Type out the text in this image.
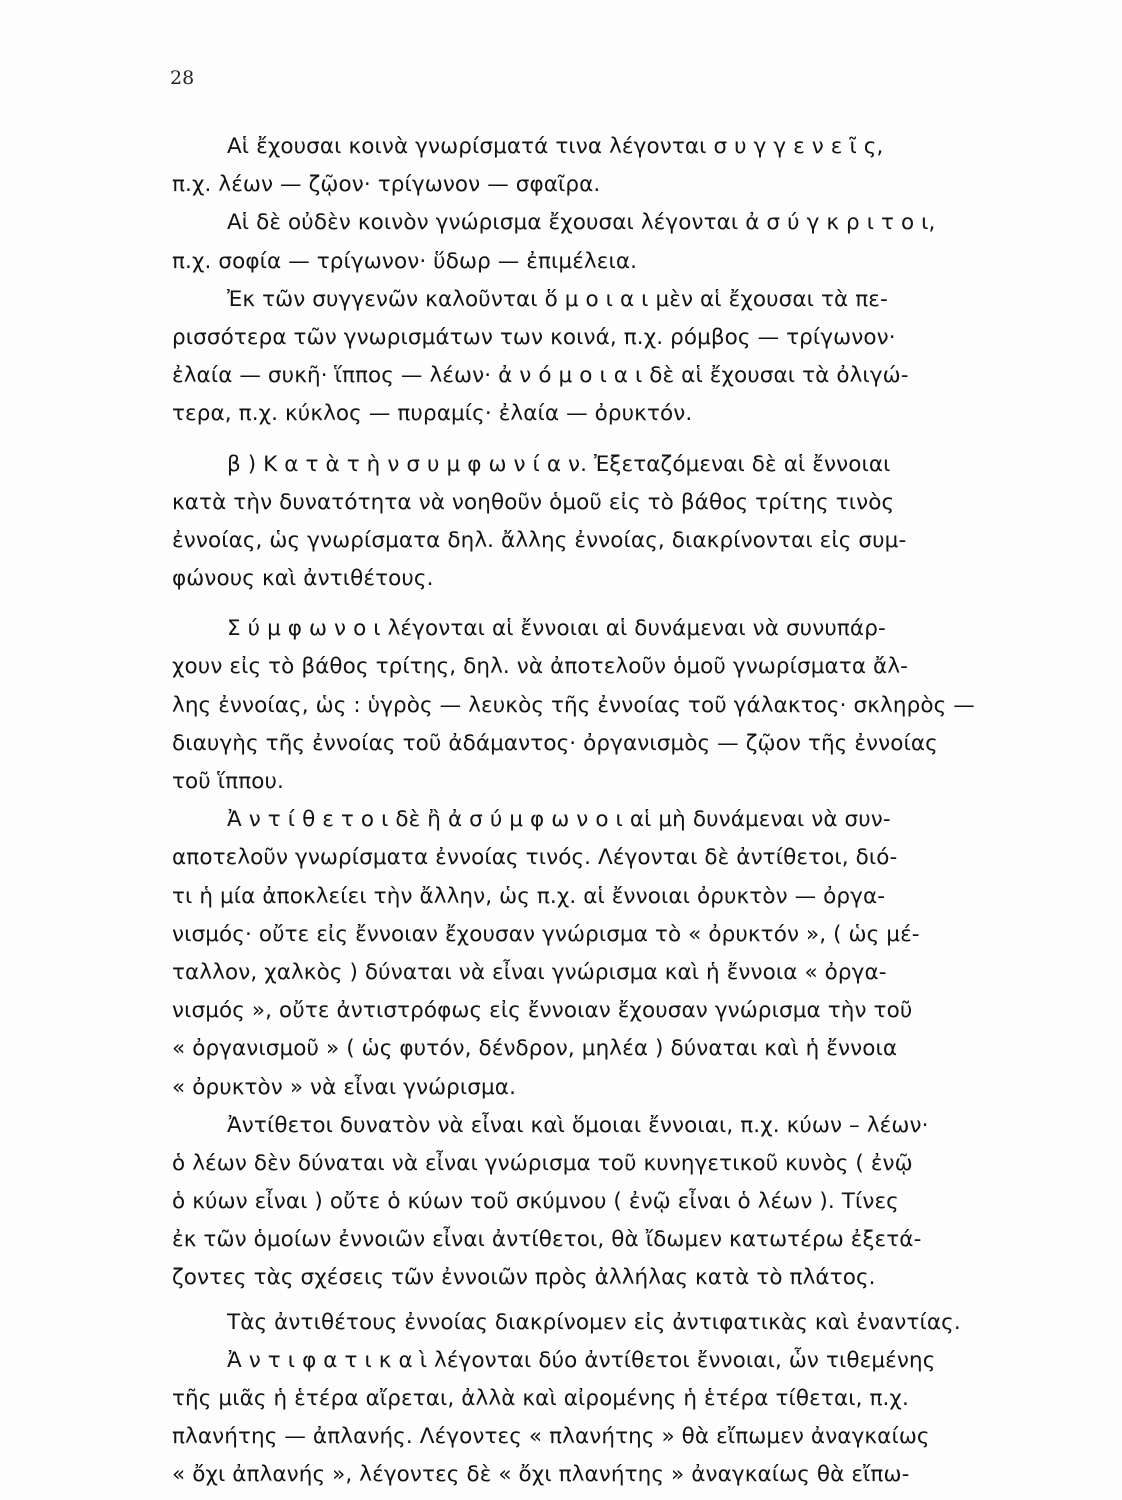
28
Αἱ ἔχουσαι κοινὰ γνωρίσματά τινα λέγονται σ υ γ γ ε ν ε ῖ ς,
π.χ. λέων — ζῷον· τρίγωνον — σφαῖρα.
Αἱ δὲ οὐδὲν κοινὸν γνώρισμα ἔχουσαι λέγονται ἀ σ ύ γ κ ρ ι τ ο ι,
π.χ. σοφία — τρίγωνον· ὕδωρ — ἐπιμέλεια.
Ἐκ τῶν συγγενῶν καλοῦνται ὅ μ ο ι α ι μὲν αἱ ἔχουσαι τὰ πε-
ρισσότερα τῶν γνωρισμάτων των κοινά, π.χ. ρόμβος — τρίγωνον·
ἐλαία — συκῆ· ἵππος — λέων· ἀ ν ό μ ο ι α ι δὲ αἱ ἔχουσαι τὰ ὀλιγώ-
τερα, π.χ. κύκλος — πυραμίς· ἐλαία — ὀρυκτόν.
β ) Κ α τ ὰ τ ὴ ν σ υ μ φ ω ν ί α ν. Ἐξεταζόμεναι δὲ αἱ ἔννοιαι
κατὰ τὴν δυνατότητα νὰ νοηθοῦν ὁμοῦ εἰς τὸ βάθος τρίτης τινὸς
ἐννοίας, ὡς γνωρίσματα δηλ. ἄλλης ἐννοίας, διακρίνονται εἰς συμ-
φώνους καὶ ἀντιθέτους.
Σ ύ μ φ ω ν ο ι λέγονται αἱ ἔννοιαι αἱ δυνάμεναι νὰ συνυπάρ-
χουν εἰς τὸ βάθος τρίτης, δηλ. νὰ ἀποτελοῦν ὁμοῦ γνωρίσματα ἄλ-
λης ἐννοίας, ὡς : ὑγρὸς — λευκὸς τῆς ἐννοίας τοῦ γάλακτος· σκληρὸς —
διαυγὴς τῆς ἐννοίας τοῦ ἀδάμαντος· ὀργανισμὸς — ζῷον τῆς ἐννοίας
τοῦ ἵππου.
Ἀ ν τ ί θ ε τ ο ι δὲ ἢ ἀ σ ύ μ φ ω ν ο ι αἱ μὴ δυνάμεναι νὰ συν-
αποτελοῦν γνωρίσματα ἐννοίας τινός. Λέγονται δὲ ἀντίθετοι, διό-
τι ἡ μία ἀποκλείει τὴν ἄλλην, ὡς π.χ. αἱ ἔννοιαι ὀρυκτὸν — ὀργα-
νισμός· οὔτε εἰς ἔννοιαν ἔχουσαν γνώρισμα τὸ « ὀρυκτόν », ( ὡς μέ-
ταλλον, χαλκὸς ) δύναται νὰ εἶναι γνώρισμα καὶ ἡ ἔννοια « ὀργα-
νισμός », οὔτε ἀντιστρόφως εἰς ἔννοιαν ἔχουσαν γνώρισμα τὴν τοῦ
« ὀργανισμοῦ » ( ὡς φυτόν, δένδρον, μηλέα ) δύναται καὶ ἡ ἔννοια
« ὀρυκτὸν » νὰ εἶναι γνώρισμα.
Ἀντίθετοι δυνατὸν νὰ εἶναι καὶ ὅμοιαι ἔννοιαι, π.χ. κύων – λέων·
ὁ λέων δὲν δύναται νὰ εἶναι γνώρισμα τοῦ κυνηγετικοῦ κυνὸς ( ἐνῷ
ὁ κύων εἶναι ) οὔτε ὁ κύων τοῦ σκύμνου ( ἐνῷ εἶναι ὁ λέων ). Τίνες
ἐκ τῶν ὁμοίων ἐννοιῶν εἶναι ἀντίθετοι, θὰ ἴδωμεν κατωτέρω ἐξετά-
ζοντες τὰς σχέσεις τῶν ἐννοιῶν πρὸς ἀλλήλας κατὰ τὸ πλάτος.
Τὰς ἀντιθέτους ἐννοίας διακρίνομεν εἰς ἀντιφατικὰς καὶ ἐναντίας.
Ἀ ν τ ι φ α τ ι κ α ὶ λέγονται δύο ἀντίθετοι ἔννοιαι, ὧν τιθεμένης
τῆς μιᾶς ἡ ἑτέρα αἴρεται, ἀλλὰ καὶ αἰρομένης ἡ ἑτέρα τίθεται, π.χ.
πλανήτης — ἀπλανής. Λέγοντες « πλανήτης » θὰ εἴπωμεν ἀναγκαίως
« ὄχι ἀπλανής », λέγοντες δὲ « ὄχι πλανήτης » ἀναγκαίως θὰ εἴπω-
